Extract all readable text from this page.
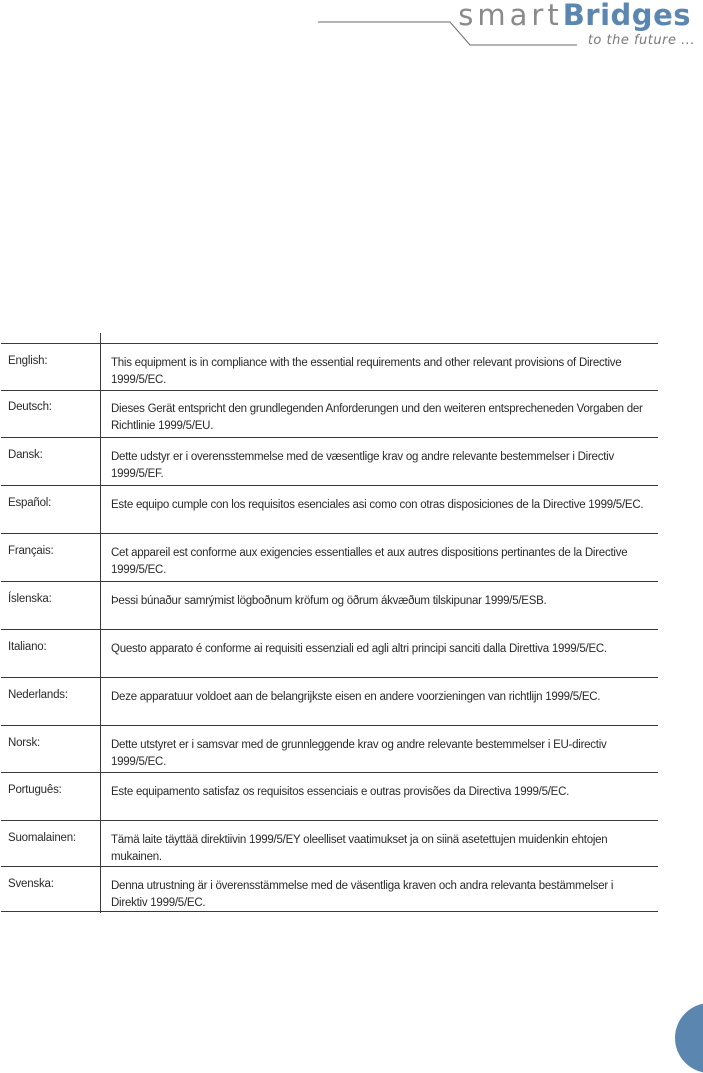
smartBridges
to the future ...
English:	This equipment is in compliance with the essential requirements and other relevant provisions of Directive 1999/5/EC.
Deutsch:	Dieses Gerät entspricht den grundlegenden Anforderungen und den weiteren entsprecheneden Vorgaben der Richtlinie 1999/5/EU.
Dansk:	Dette udstyr er i overensstemmelse med de væsentlige krav og andre relevante bestemmelser i Directiv 1999/5/EF.
Español:	Este equipo cumple con los requisitos esenciales asi como con otras disposiciones de la Directive 1999/5/EC.
Français:	Cet appareil est conforme aux exigencies essentialles et aux autres dispositions pertinantes de la Directive 1999/5/EC.
Íslenska:	Þessi búnaður samrýmist lögboðnum kröfum og öðrum ákvæðum tilskipunar 1999/5/ESB.
Italiano:	Questo apparato é conforme ai requisiti essenziali ed agli altri principi sanciti dalla Direttiva 1999/5/EC.
Nederlands:	Deze apparatuur voldoet aan de belangrijkste eisen en andere voorzieningen van richtlijn 1999/5/EC.
Norsk:	Dette utstyret er i samsvar med de grunnleggende krav og andre relevante bestemmelser i EU-directiv 1999/5/EC.
Português:	Este equipamento satisfaz os requisitos essenciais e outras provisões da Directiva 1999/5/EC.
Suomalainen:	Tämä laite täyttää direktiivin 1999/5/EY oleelliset vaatimukset ja on siinä asetettujen muidenkin ehtojen mukainen.
Svenska:	Denna utrustning är i överensstämmelse med de väsentliga kraven och andra relevanta bestämmelser i Direktiv 1999/5/EC.
